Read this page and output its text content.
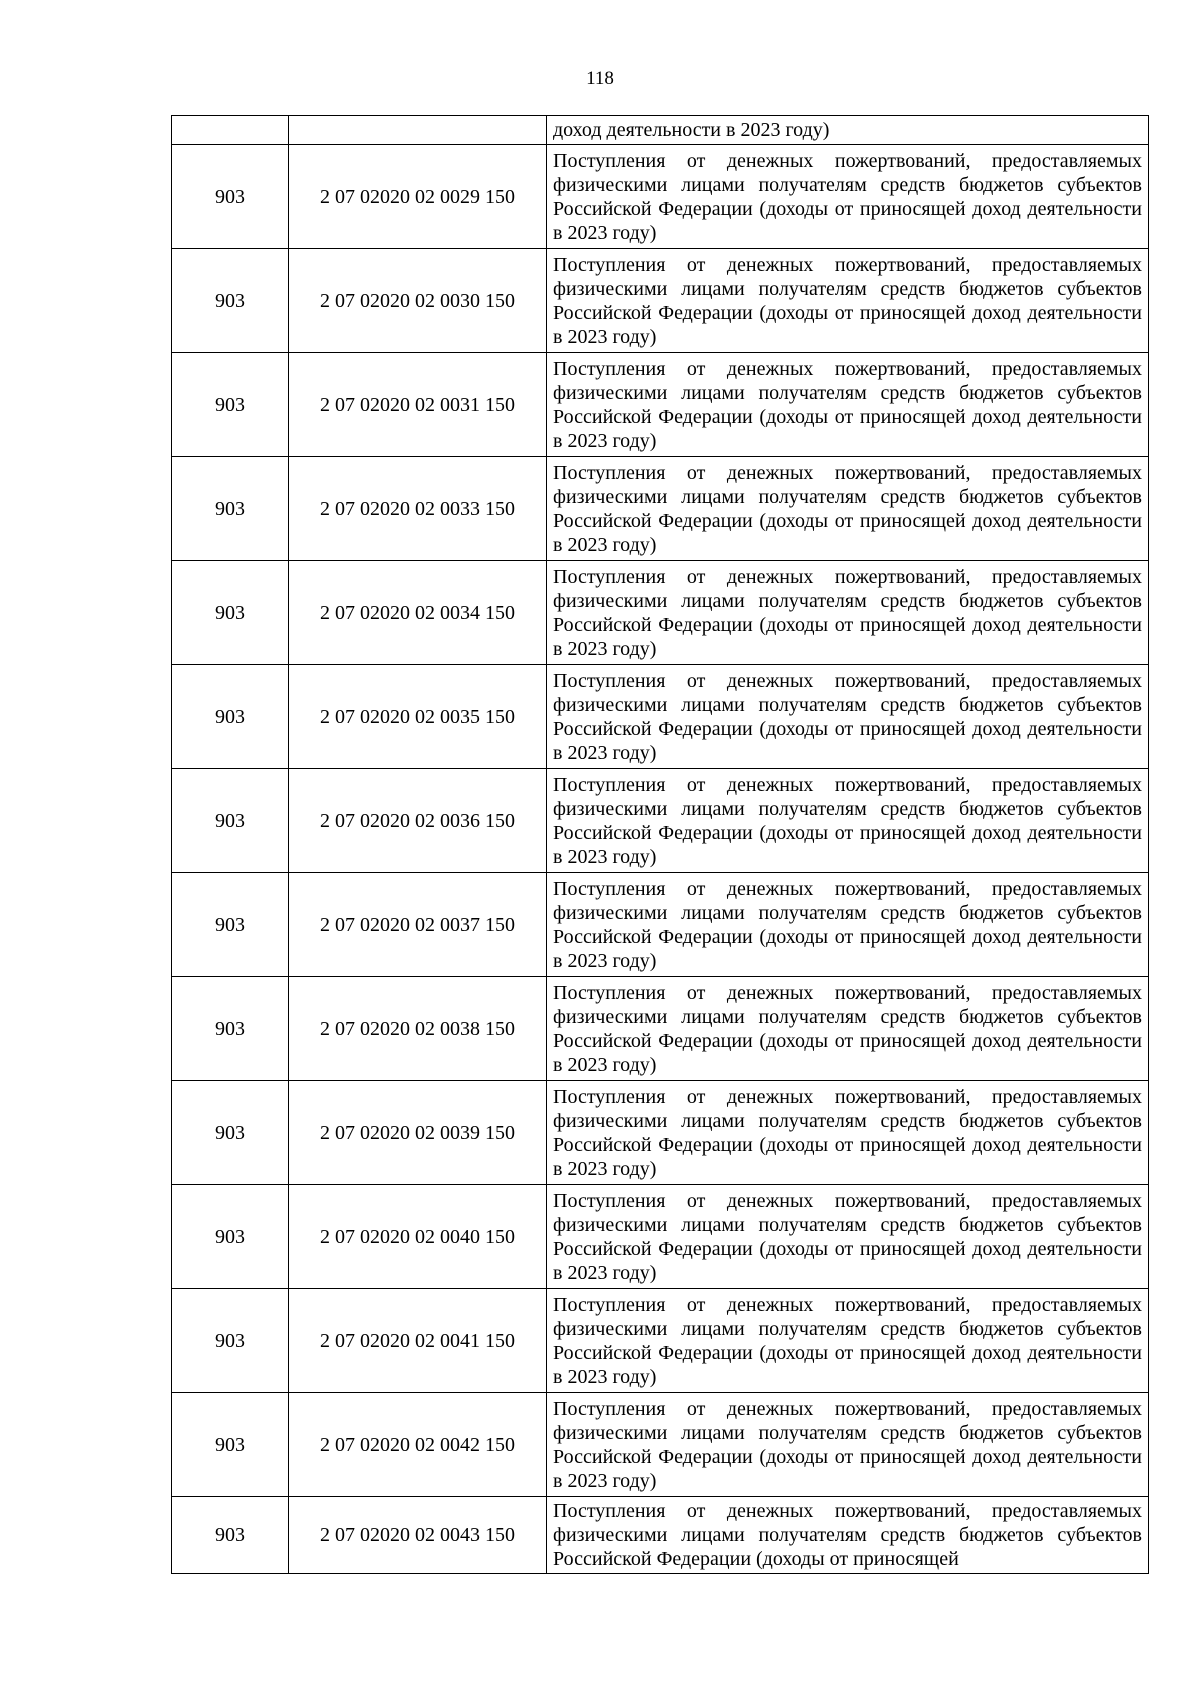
118
		доход деятельности в 2023 году)
903	2 07 02020 02 0029 150	Поступления от денежных пожертвований, предоставляемых физическими лицами получателям средств бюджетов субъектов Российской Федерации (доходы от приносящей доход деятельности в 2023 году)
903	2 07 02020 02 0030 150	Поступления от денежных пожертвований, предоставляемых физическими лицами получателям средств бюджетов субъектов Российской Федерации (доходы от приносящей доход деятельности в 2023 году)
903	2 07 02020 02 0031 150	Поступления от денежных пожертвований, предоставляемых физическими лицами получателям средств бюджетов субъектов Российской Федерации (доходы от приносящей доход деятельности в 2023 году)
903	2 07 02020 02 0033 150	Поступления от денежных пожертвований, предоставляемых физическими лицами получателям средств бюджетов субъектов Российской Федерации (доходы от приносящей доход деятельности в 2023 году)
903	2 07 02020 02 0034 150	Поступления от денежных пожертвований, предоставляемых физическими лицами получателям средств бюджетов субъектов Российской Федерации (доходы от приносящей доход деятельности в 2023 году)
903	2 07 02020 02 0035 150	Поступления от денежных пожертвований, предоставляемых физическими лицами получателям средств бюджетов субъектов Российской Федерации (доходы от приносящей доход деятельности в 2023 году)
903	2 07 02020 02 0036 150	Поступления от денежных пожертвований, предоставляемых физическими лицами получателям средств бюджетов субъектов Российской Федерации (доходы от приносящей доход деятельности в 2023 году)
903	2 07 02020 02 0037 150	Поступления от денежных пожертвований, предоставляемых физическими лицами получателям средств бюджетов субъектов Российской Федерации (доходы от приносящей доход деятельности в 2023 году)
903	2 07 02020 02 0038 150	Поступления от денежных пожертвований, предоставляемых физическими лицами получателям средств бюджетов субъектов Российской Федерации (доходы от приносящей доход деятельности в 2023 году)
903	2 07 02020 02 0039 150	Поступления от денежных пожертвований, предоставляемых физическими лицами получателям средств бюджетов субъектов Российской Федерации (доходы от приносящей доход деятельности в 2023 году)
903	2 07 02020 02 0040 150	Поступления от денежных пожертвований, предоставляемых физическими лицами получателям средств бюджетов субъектов Российской Федерации (доходы от приносящей доход деятельности в 2023 году)
903	2 07 02020 02 0041 150	Поступления от денежных пожертвований, предоставляемых физическими лицами получателям средств бюджетов субъектов Российской Федерации (доходы от приносящей доход деятельности в 2023 году)
903	2 07 02020 02 0042 150	Поступления от денежных пожертвований, предоставляемых физическими лицами получателям средств бюджетов субъектов Российской Федерации (доходы от приносящей доход деятельности в 2023 году)
903	2 07 02020 02 0043 150	Поступления от денежных пожертвований, предоставляемых физическими лицами получателям средств бюджетов субъектов Российской Федерации (доходы от приносящей
